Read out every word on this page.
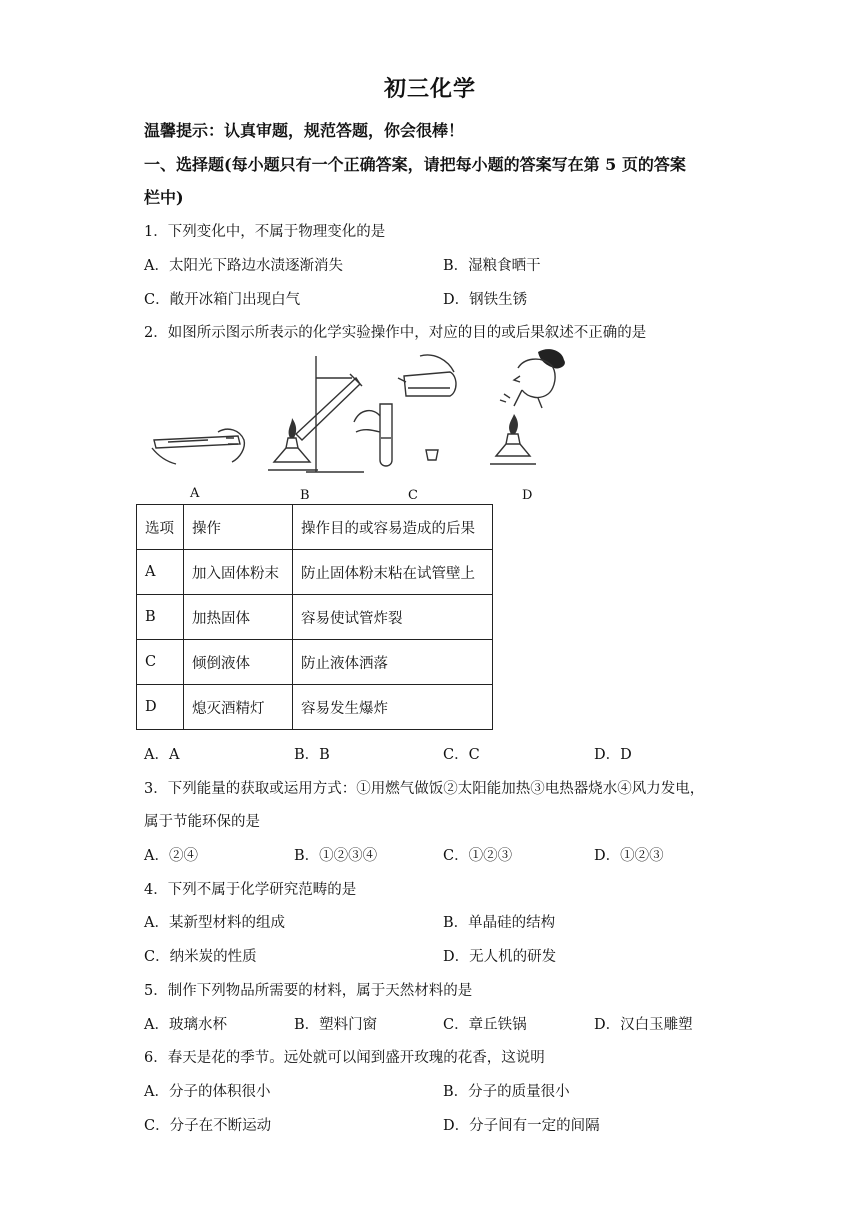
初三化学
温馨提示：认真审题，规范答题，你会很棒！
一、选择题(每小题只有一个正确答案，请把每小题的答案写在第 5 页的答案
栏中)
1．下列变化中，不属于物理变化的是
A．太阳光下路边水渍逐渐消失	B．湿粮食晒干
C．敞开冰箱门出现白气	D．钢铁生锈
2．如图所示图示所表示的化学实验操作中，对应的目的或后果叙述不正确的是
A	B	C	D
选项	操作	操作目的或容易造成的后果
A	加入固体粉末	防止固体粉末粘在试管壁上
B	加热固体	容易使试管炸裂
C	倾倒液体	防止液体洒落
D	熄灭酒精灯	容易发生爆炸
A．A	B．B	C．C	D．D
3．下列能量的获取或运用方式：①用燃气做饭②太阳能加热③电热器烧水④风力发电，
属于节能环保的是
A．②④	B．①②③④	C．①②③	D．①②③
4．下列不属于化学研究范畴的是
A．某新型材料的组成	B．单晶硅的结构
C．纳米炭的性质	D．无人机的研发
5．制作下列物品所需要的材料，属于天然材料的是
A．玻璃水杯	B．塑料门窗	C．章丘铁锅	D．汉白玉雕塑
6．春天是花的季节。远处就可以闻到盛开玫瑰的花香，这说明
A．分子的体积很小	B．分子的质量很小
C．分子在不断运动	D．分子间有一定的间隔
